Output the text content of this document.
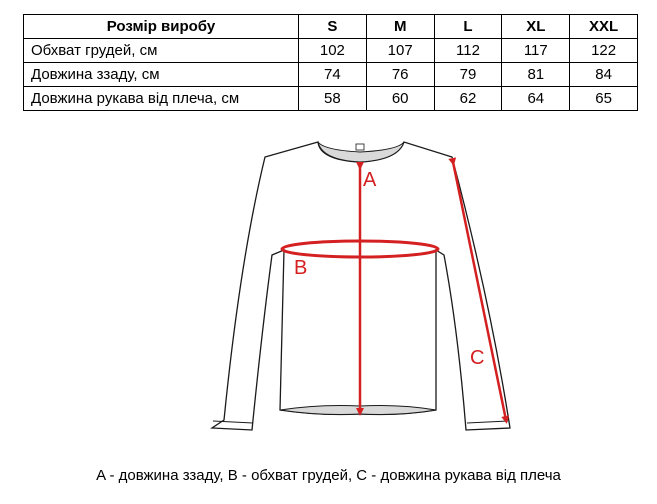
Розмір виробу	S	M	L	XL	XXL
Обхват грудей, см	102	107	112	117	122
Довжина ззаду, см	74	76	79	81	84
Довжина рукава від плеча, см	58	60	62	64	65
A
B
C
A - довжина ззаду, B - обхват грудей, C - довжина рукава від плеча
